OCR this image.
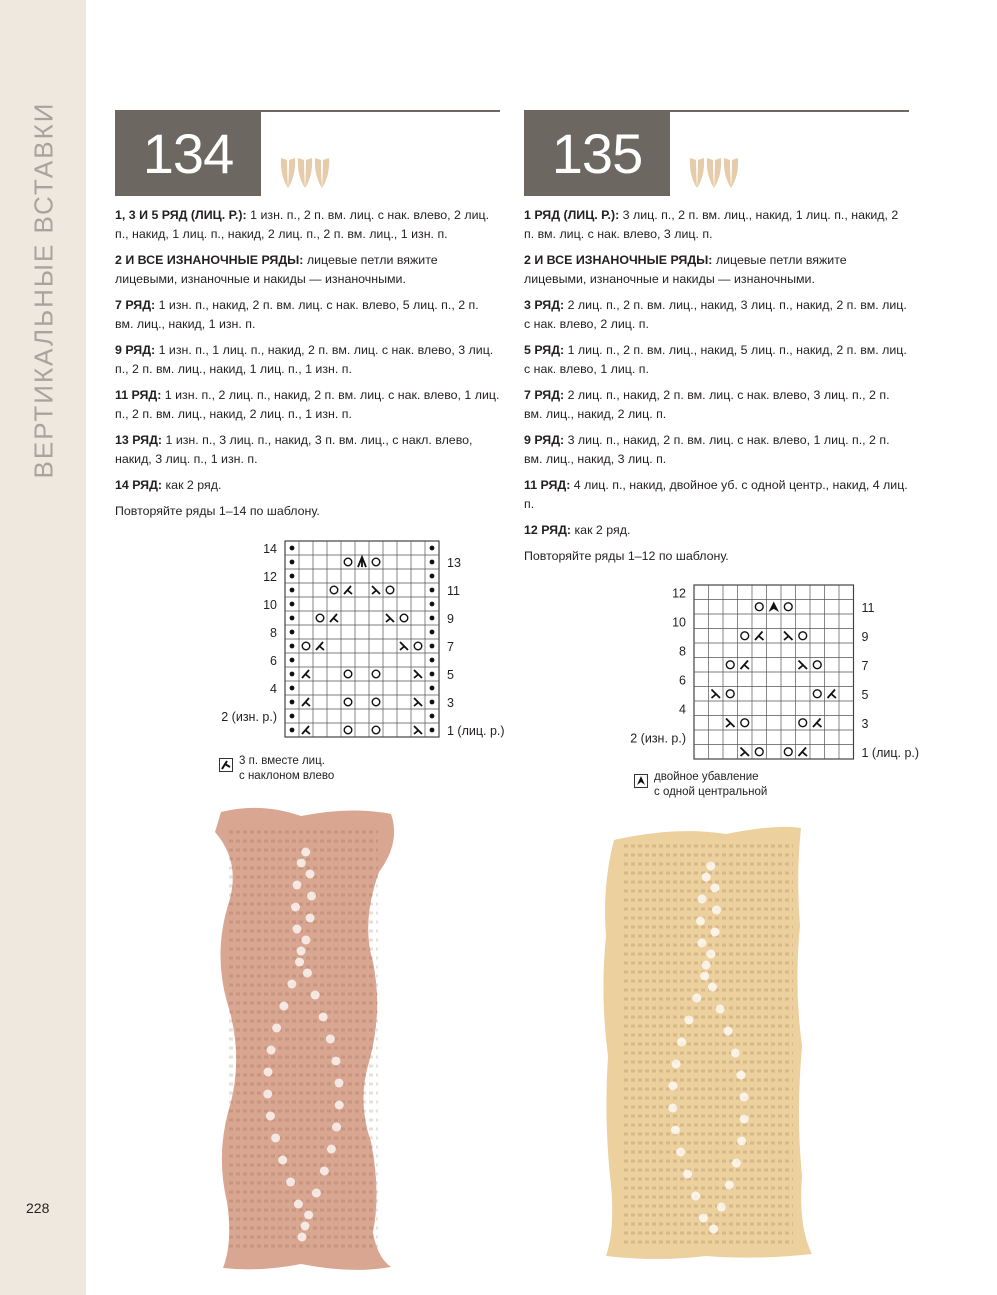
ВЕРТИКАЛЬНЫЕ ВСТАВКИ
228
134

1, 3 И 5 РЯД (ЛИЦ. Р.): 1 изн. п., 2 п. вм. лиц. с нак. влево, 2 лиц. п., накид, 1 лиц. п., накид, 2 лиц. п., 2 п. вм. лиц., 1 изн. п.

2 И ВСЕ ИЗНАНОЧНЫЕ РЯДЫ: лицевые петли вяжите лицевыми, изнаночные и накиды — изнаночными.

7 РЯД: 1 изн. п., накид, 2 п. вм. лиц. с нак. влево, 5 лиц. п., 2 п. вм. лиц., накид, 1 изн. п.

9 РЯД: 1 изн. п., 1 лиц. п., накид, 2 п. вм. лиц. с нак. влево, 3 лиц. п., 2 п. вм. лиц., накид, 1 лиц. п., 1 изн. п.

11 РЯД: 1 изн. п., 2 лиц. п., накид, 2 п. вм. лиц. с нак. влево, 1 лиц. п., 2 п. вм. лиц., накид, 2 лиц. п., 1 изн. п.

13 РЯД: 1 изн. п., 3 лиц. п., накид, 3 п. вм. лиц., с накл. влево, накид, 3 лиц. п., 1 изн. п.

14 РЯД: как 2 ряд.

Повторяйте ряды 1–14 по шаблону.

14
12
10
8
6
4
2 (изн. р.)
13
11
9
7
5
3
1 (лиц. р.)
3 п. вместе лиц.
с наклоном влево
135

1 РЯД (ЛИЦ. Р.): 3 лиц. п., 2 п. вм. лиц., накид, 1 лиц. п., накид, 2 п. вм. лиц. с нак. влево, 3 лиц. п.

2 И ВСЕ ИЗНАНОЧНЫЕ РЯДЫ: лицевые петли вяжите лицевыми, изнаночные и накиды — изнаночными.

3 РЯД: 2 лиц. п., 2 п. вм. лиц., накид, 3 лиц. п., накид, 2 п. вм. лиц. с нак. влево, 2 лиц. п.

5 РЯД: 1 лиц. п., 2 п. вм. лиц., накид, 5 лиц. п., накид, 2 п. вм. лиц. с нак. влево, 1 лиц. п.

7 РЯД: 2 лиц. п., накид, 2 п. вм. лиц. с нак. влево, 3 лиц. п., 2 п. вм. лиц., накид, 2 лиц. п.

9 РЯД: 3 лиц. п., накид, 2 п. вм. лиц. с нак. влево, 1 лиц. п., 2 п. вм. лиц., накид, 3 лиц. п.

11 РЯД: 4 лиц. п., накид, двойное уб. с одной центр., накид, 4 лиц. п.

12 РЯД: как 2 ряд.

Повторяйте ряды 1–12 по шаблону.

12
10
8
6
4
2 (изн. р.)
11
9
7
5
3
1 (лиц. р.)
двойное убавление
с одной центральной
